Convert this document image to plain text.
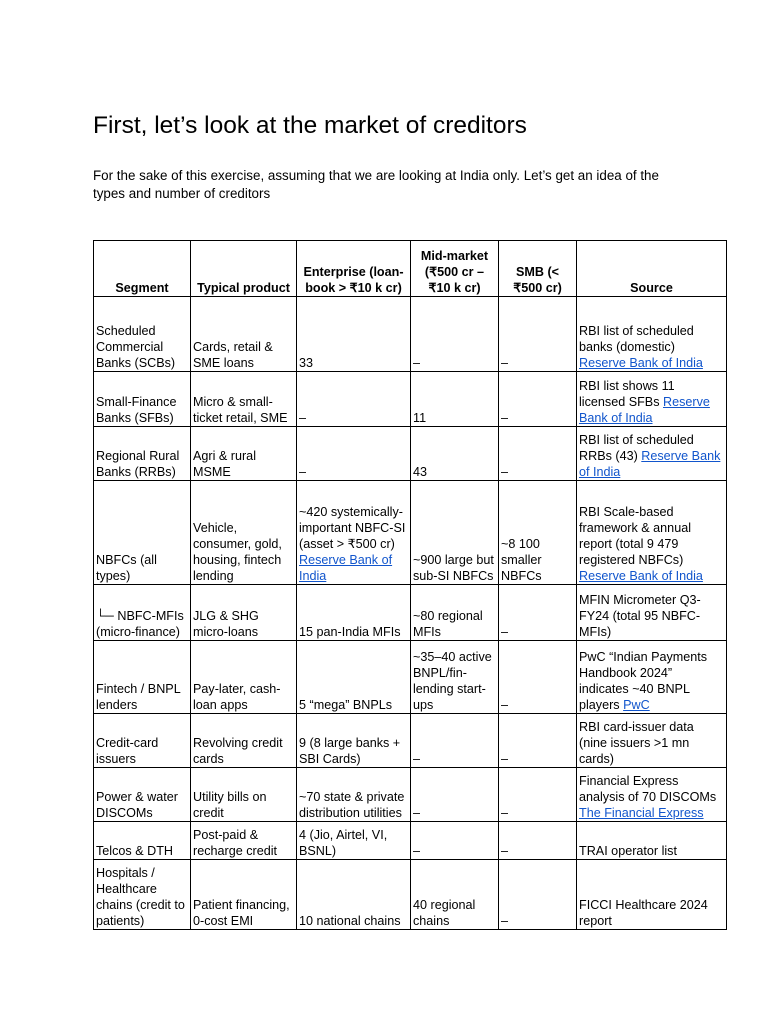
First, let’s look at the market of creditors

For the sake of this exercise, assuming that we are looking at India only. Let’s get an idea of the types and number of creditors

Segment	Typical product	Enterprise (loan-book > ₹10 k cr)	Mid-market (₹500 cr – ₹10 k cr)	SMB (< ₹500 cr)	Source
Scheduled Commercial Banks (SCBs)	Cards, retail & SME loans	33	–	–	RBI list of scheduled banks (domestic) Reserve Bank of India
Small-Finance Banks (SFBs)	Micro & small-ticket retail, SME	–	11	–	RBI list shows 11 licensed SFBs Reserve Bank of India
Regional Rural Banks (RRBs)	Agri & rural MSME	–	43	–	RBI list of scheduled RRBs (43) Reserve Bank of India
NBFCs (all types)	Vehicle, consumer, gold, housing, fintech lending	~420 systemically-important NBFC-SI (asset > ₹500 cr) Reserve Bank of India	~900 large but sub-SI NBFCs	~8 100 smaller NBFCs	RBI Scale-based framework & annual report (total 9 479 registered NBFCs) Reserve Bank of India
└─ NBFC-MFIs (micro-finance)	JLG & SHG micro-loans	15 pan-India MFIs	~80 regional MFIs	–	MFIN Micrometer Q3-FY24 (total 95 NBFC-MFIs)
Fintech / BNPL lenders	Pay-later, cash-loan apps	5 “mega” BNPLs	~35–40 active BNPL/fin-lending start-ups	–	PwC “Indian Payments Handbook 2024” indicates ~40 BNPL players PwC
Credit-card issuers	Revolving credit cards	9 (8 large banks + SBI Cards)	–	–	RBI card-issuer data (nine issuers >1 mn cards)
Power & water DISCOMs	Utility bills on credit	~70 state & private distribution utilities	–	–	Financial Express analysis of 70 DISCOMs The Financial Express
Telcos & DTH	Post-paid & recharge credit	4 (Jio, Airtel, VI, BSNL)	–	–	TRAI operator list
Hospitals / Healthcare chains (credit to patients)	Patient financing, 0-cost EMI	10 national chains	40 regional chains	–	FICCI Healthcare 2024 report
